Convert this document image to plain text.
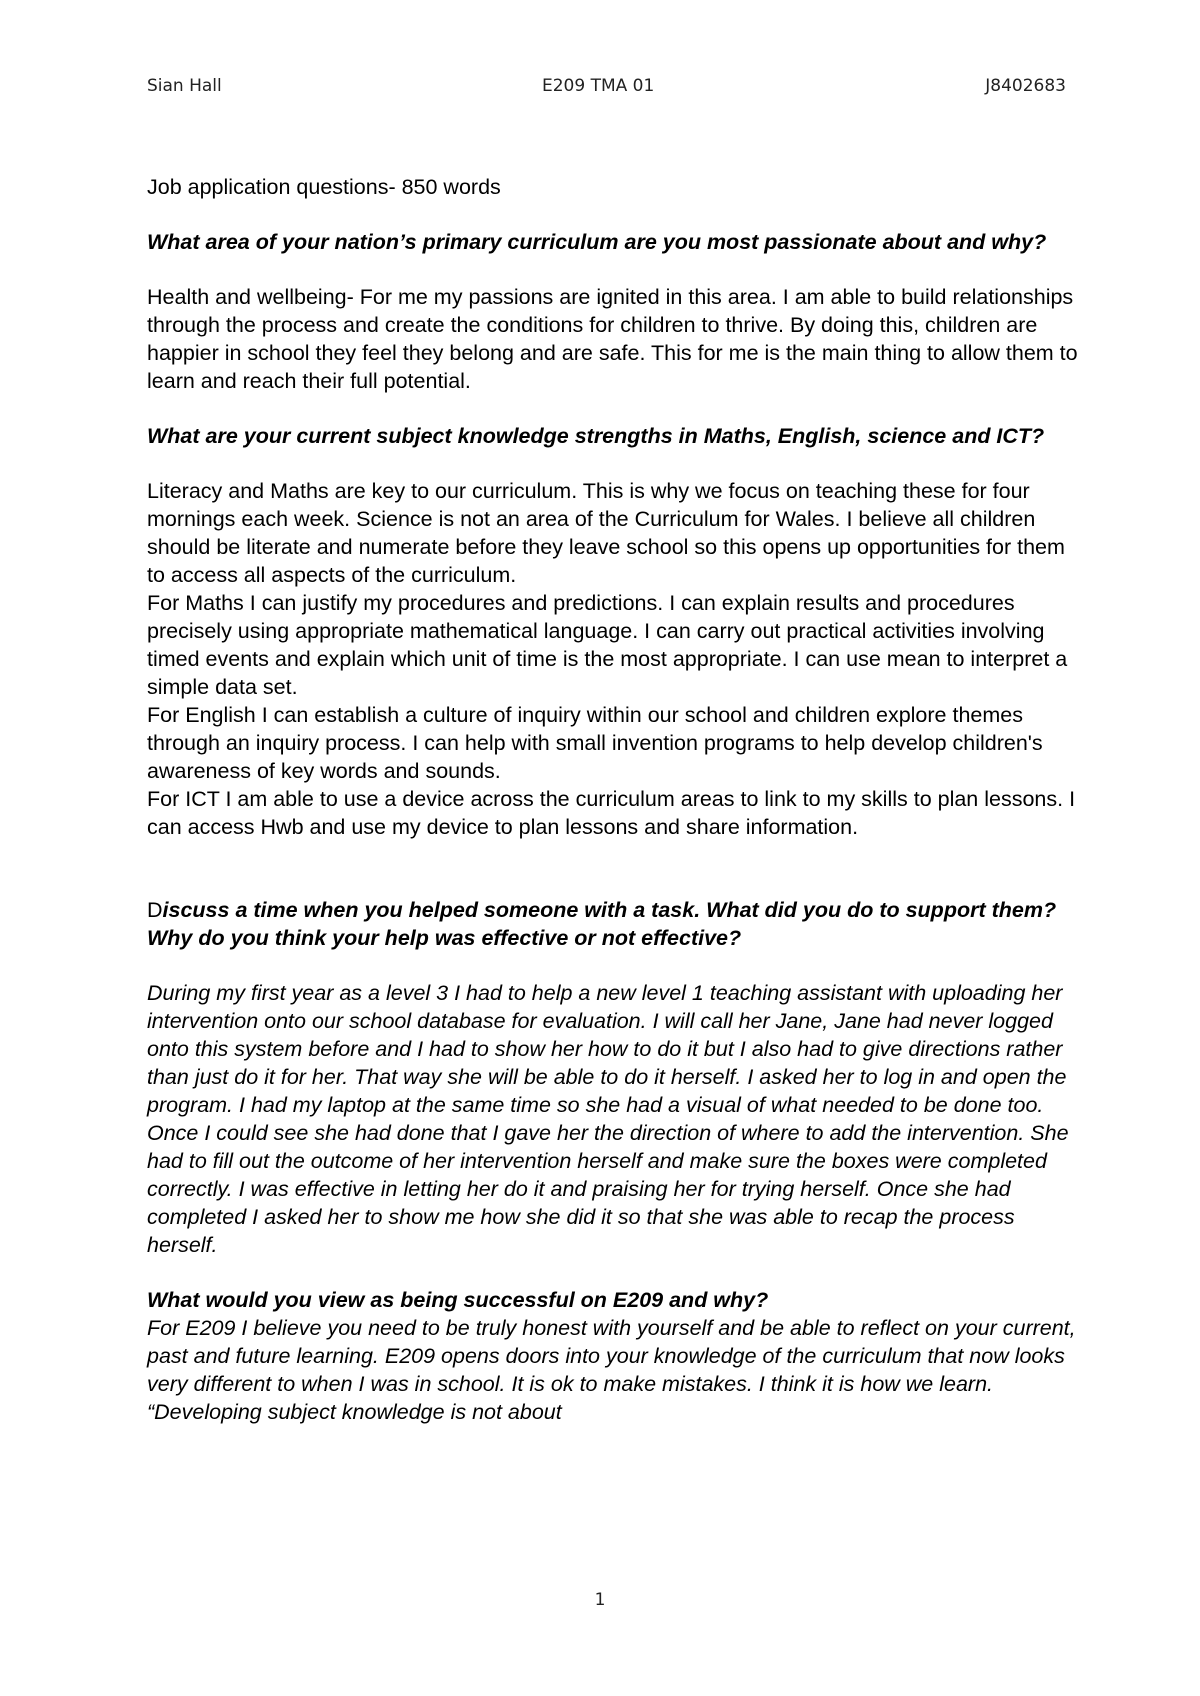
Sian Hall	E209 TMA 01	J8402683

Job application questions- 850 words

What area of your nation’s primary curriculum are you most passionate about and why?

Health and wellbeing- For me my passions are ignited in this area. I am able to build relationships through the process and create the conditions for children to thrive. By doing this, children are happier in school they feel they belong and are safe. This for me is the main thing to allow them to learn and reach their full potential.

What are your current subject knowledge strengths in Maths, English, science and ICT?

Literacy and Maths are key to our curriculum. This is why we focus on teaching these for four mornings each week. Science is not an area of the Curriculum for Wales. I believe all children should be literate and numerate before they leave school so this opens up opportunities for them to access all aspects of the curriculum.

For Maths I can justify my procedures and predictions. I can explain results and procedures precisely using appropriate mathematical language. I can carry out practical activities involving timed events and explain which unit of time is the most appropriate. I can use mean to interpret a simple data set.

For English I can establish a culture of inquiry within our school and children explore themes through an inquiry process. I can help with small invention programs to help develop children's awareness of key words and sounds.

For ICT I am able to use a device across the curriculum areas to link to my skills to plan lessons. I can access Hwb and use my device to plan lessons and share information.

Discuss a time when you helped someone with a task. What did you do to support them? Why do you think your help was effective or not effective?

During my first year as a level 3 I had to help a new level 1 teaching assistant with uploading her intervention onto our school database for evaluation. I will call her Jane, Jane had never logged onto this system before and I had to show her how to do it but I also had to give directions rather than just do it for her. That way she will be able to do it herself. I asked her to log in and open the program. I had my laptop at the same time so she had a visual of what needed to be done too. Once I could see she had done that I gave her the direction of where to add the intervention. She had to fill out the outcome of her intervention herself and make sure the boxes were completed correctly. I was effective in letting her do it and praising her for trying herself. Once she had completed I asked her to show me how she did it so that she was able to recap the process herself.

What would you view as being successful on E209 and why?

For E209 I believe you need to be truly honest with yourself and be able to reflect on your current, past and future learning. E209 opens doors into your knowledge of the curriculum that now looks very different to when I was in school. It is ok to make mistakes. I think it is how we learn. “Developing subject knowledge is not about

1
